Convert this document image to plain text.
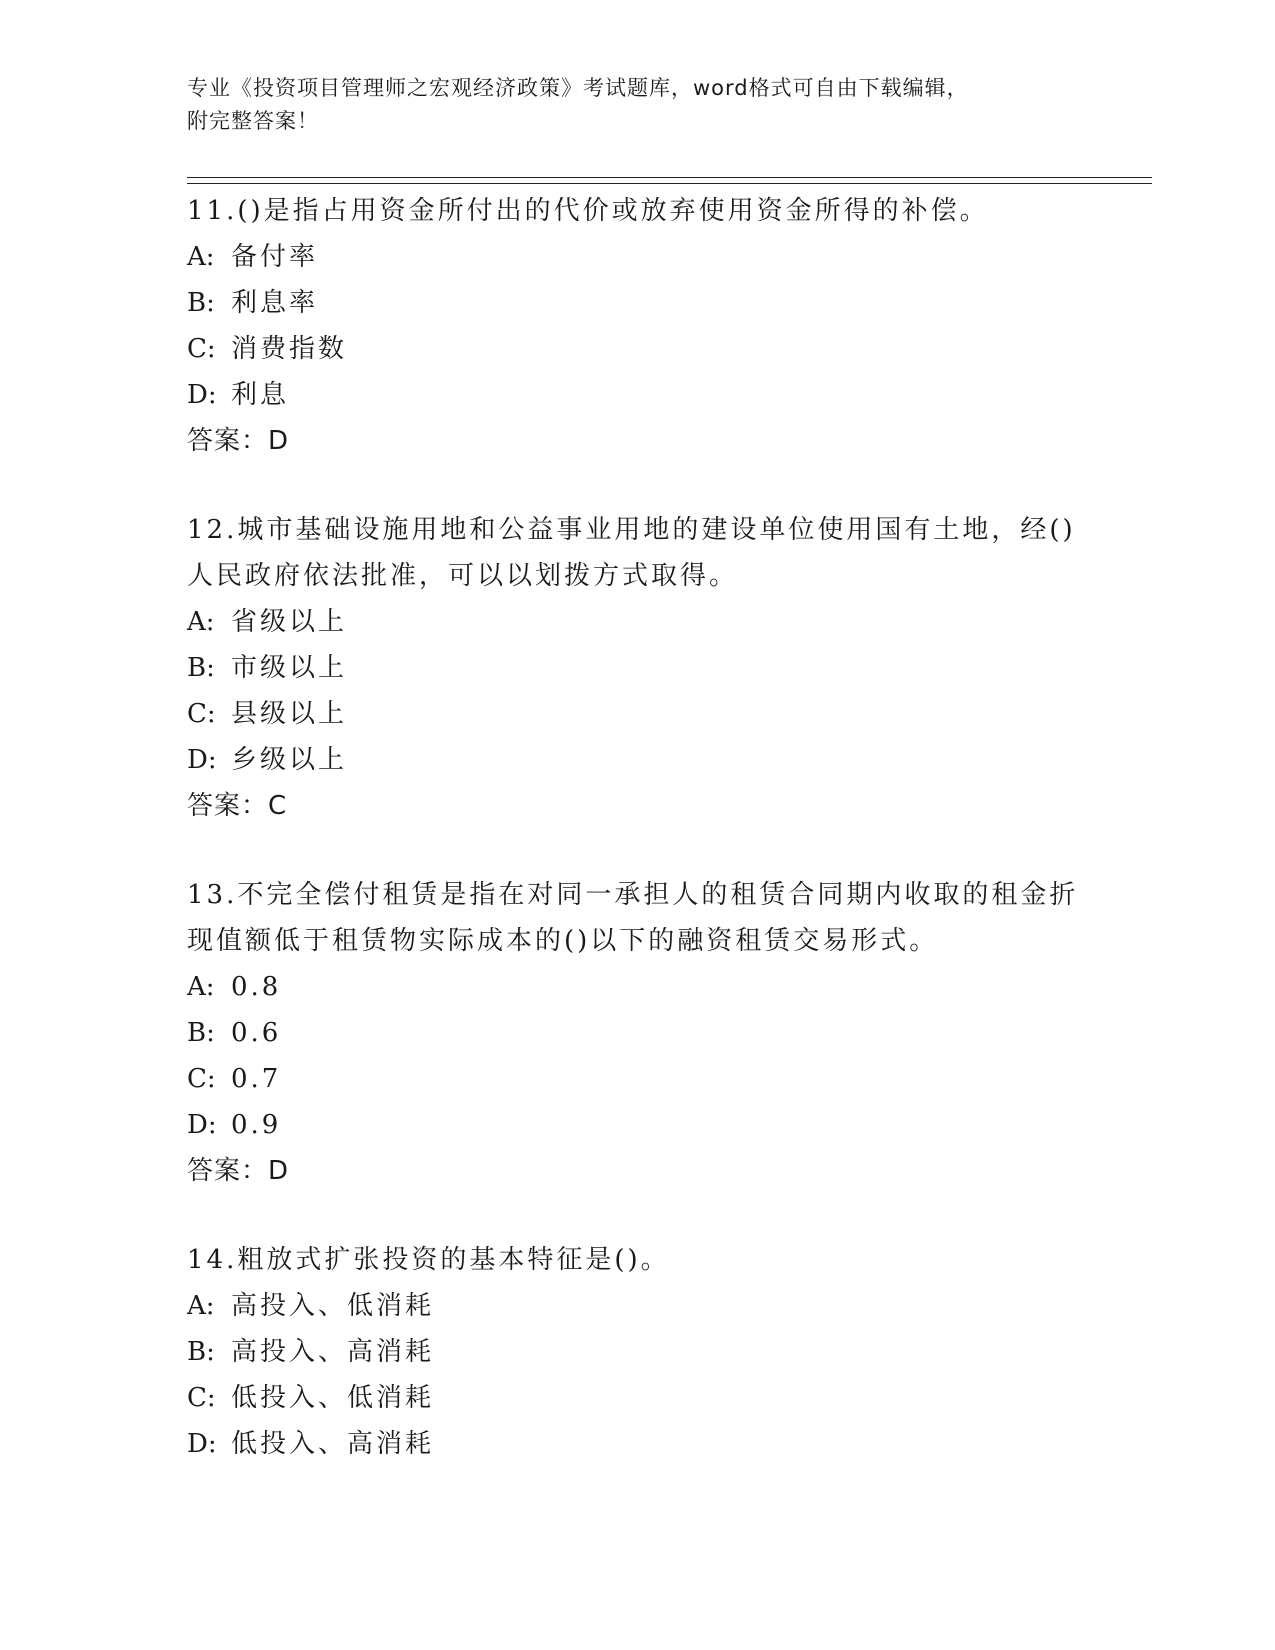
专业《投资项目管理师之宏观经济政策》考试题库，word格式可自由下载编辑，
附完整答案！
11.()是指占用资金所付出的代价或放弃使用资金所得的补偿。
A: 备付率
B: 利息率
C: 消费指数
D: 利息
答案：D
12.城市基础设施用地和公益事业用地的建设单位使用国有土地，经()
人民政府依法批准，可以以划拨方式取得。
A: 省级以上
B: 市级以上
C: 县级以上
D: 乡级以上
答案：C
13.不完全偿付租赁是指在对同一承担人的租赁合同期内收取的租金折
现值额低于租赁物实际成本的()以下的融资租赁交易形式。
A: 0.8
B: 0.6
C: 0.7
D: 0.9
答案：D
14.粗放式扩张投资的基本特征是()。
A: 高投入、低消耗
B: 高投入、高消耗
C: 低投入、低消耗
D: 低投入、高消耗
